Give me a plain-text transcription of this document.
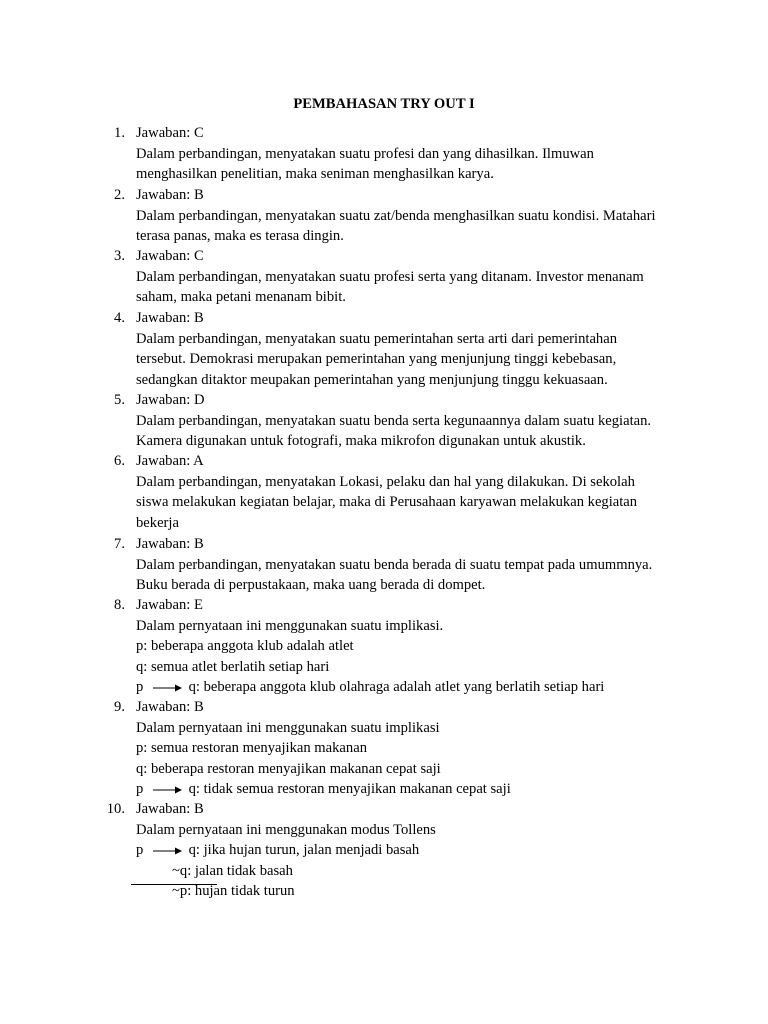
PEMBAHASAN TRY OUT I
1. Jawaban: C
Dalam perbandingan, menyatakan suatu profesi dan yang dihasilkan. Ilmuwan
menghasilkan penelitian, maka seniman menghasilkan karya.
2. Jawaban: B
Dalam perbandingan, menyatakan suatu zat/benda menghasilkan suatu kondisi. Matahari
terasa panas, maka es terasa dingin.
3. Jawaban: C
Dalam perbandingan, menyatakan suatu profesi serta yang ditanam. Investor menanam
saham, maka petani menanam bibit.
4. Jawaban: B
Dalam perbandingan, menyatakan suatu pemerintahan serta arti dari pemerintahan
tersebut. Demokrasi merupakan pemerintahan yang menjunjung tinggi kebebasan,
sedangkan ditaktor meupakan pemerintahan yang menjunjung tinggu kekuasaan.
5. Jawaban: D
Dalam perbandingan, menyatakan suatu benda serta kegunaannya dalam suatu kegiatan.
Kamera digunakan untuk fotografi, maka mikrofon digunakan untuk akustik.
6. Jawaban: A
Dalam perbandingan, menyatakan Lokasi, pelaku dan hal yang dilakukan. Di sekolah
siswa melakukan kegiatan belajar, maka di Perusahaan karyawan melakukan kegiatan
bekerja
7. Jawaban: B
Dalam perbandingan, menyatakan suatu benda berada di suatu tempat pada umummnya.
Buku berada di perpustakaan, maka uang berada di dompet.
8. Jawaban: E
Dalam pernyataan ini menggunakan suatu implikasi.
p: beberapa anggota klub adalah atlet
q: semua atlet berlatih setiap hari
p	q: beberapa anggota klub olahraga adalah atlet yang berlatih setiap hari
9. Jawaban: B
Dalam pernyataan ini menggunakan suatu implikasi
p: semua restoran menyajikan makanan
q: beberapa restoran menyajikan makanan cepat saji
p	q: tidak semua restoran menyajikan makanan cepat saji
10. Jawaban: B
Dalam pernyataan ini menggunakan modus Tollens
p	q: jika hujan turun, jalan menjadi basah
~q: jalan tidak basah
~p: hujan tidak turun
